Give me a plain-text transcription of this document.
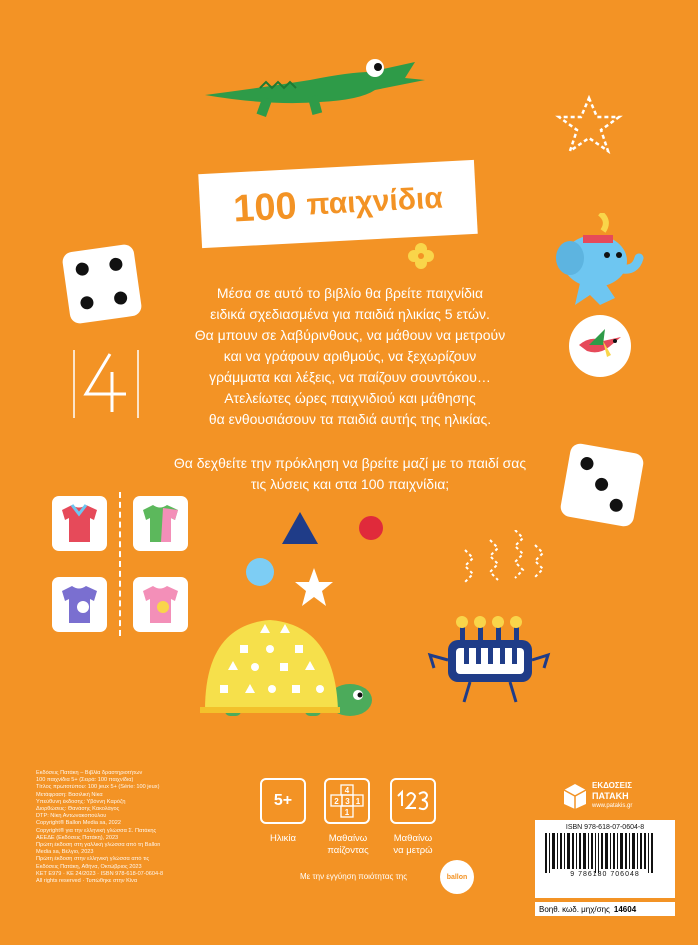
100 παιχνίδια
Μέσα σε αυτό το βιβλίο θα βρείτε παιχνίδια
ειδικά σχεδιασμένα για παιδιά ηλικίας 5 ετών.
Θα μπουν σε λαβύρινθους, να μάθουν να μετρούν
και να γράφουν αριθμούς, να ξεχωρίζουν
γράμματα και λέξεις, να παίζουν σουντόκου…
Ατελείωτες ώρες παιχνιδιού και μάθησης
θα ενθουσιάσουν τα παιδιά αυτής της ηλικίας.
Θα δεχθείτε την πρόκληση να βρείτε μαζί με το παιδί σας
τις λύσεις και στα 100 παιχνίδια;
Εκδόσεις Πατάκη – Βιβλία δραστηριοτήτων
100 παιχνίδια 5+ (Σειρά: 100 παιχνίδια)
Τίτλος πρωτοτύπου: 100 jeux 5+ (Série: 100 jeux)
Μετάφραση: Βασιλική Νίκα
Υπεύθυνη έκδοσης: Υβόννη Καρόζη
Διορθώσεις: Θανάσης Κακολάγος
DTP: Νίκη Αντωνακοπούλου
Copyright® Ballon Media sa, 2022
Copyright® για την ελληνική γλώσσα Σ. Πατάκης
ΑΕΕΔΕ (Εκδόσεις Πατάκη), 2023
Πρώτη έκδοση στη γαλλική γλώσσα από τη Ballon
Media sa, Βέλγιο, 2023
Πρώτη έκδοση στην ελληνική γλώσσα από τις
Εκδόσεις Πατάκη, Αθήνα, Οκτώβριος 2023
ΚΕΤ Ε979 · ΚΕ 24/2023 · ISBN 978-618-07-0604-8
All rights reserved · Τυπώθηκε στην Κίνα
5+
Ηλικία
4
2 3 1
1
Μαθαίνω
παίζοντας
Μαθαίνω
να μετρώ
Με την εγγύηση ποιότητας της	ballon
ΕΚΔΟΣΕΙΣ
ΠΑΤΑΚΗ
www.patakis.gr
ISBN 978-618-07-0604-8
9 786180 706048
Βοηθ. κωδ. μηχ/σης 14604
